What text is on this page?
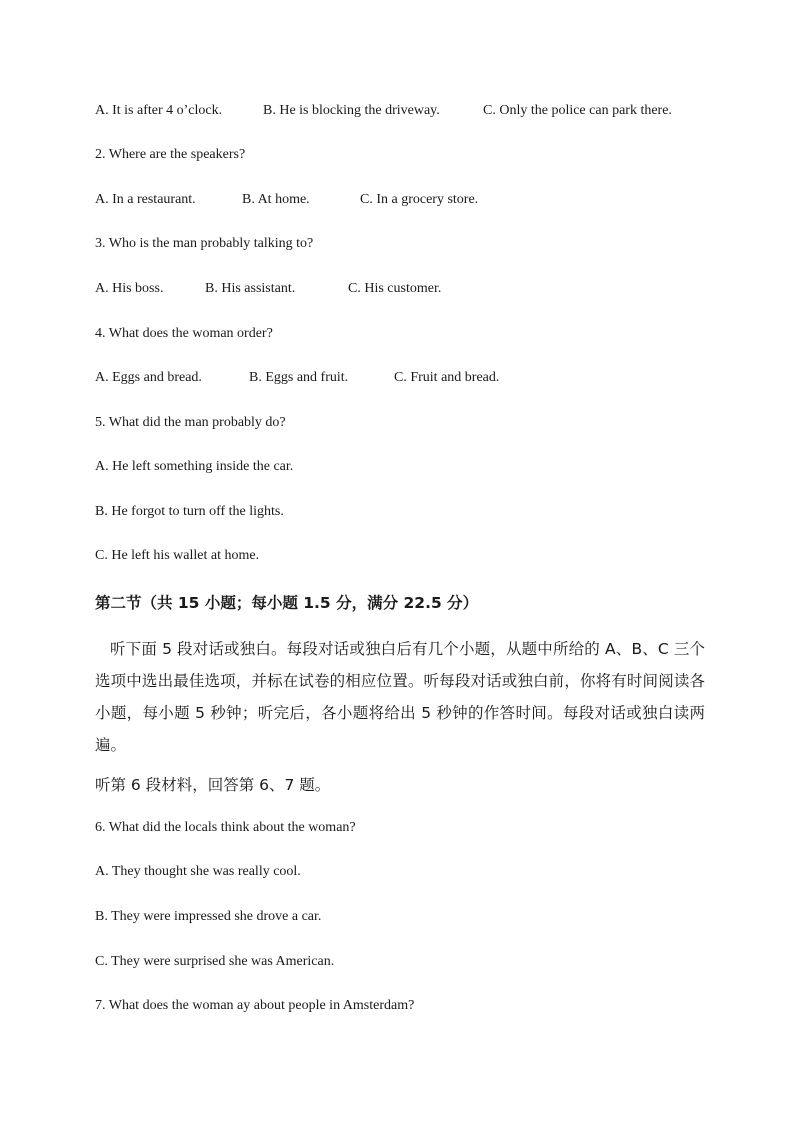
A. It is after 4 o’clock.	B. He is blocking the driveway.	C. Only the police can park there.
2. Where are the speakers?
A. In a restaurant.	B. At home.	C. In a grocery store.
3. Who is the man probably talking to?
A. His boss.	B. His assistant.	C. His customer.
4. What does the woman order?
A. Eggs and bread.	B. Eggs and fruit.	C. Fruit and bread.
5. What did the man probably do?
A. He left something inside the car.
B. He forgot to turn off the lights.
C. He left his wallet at home.
第二节（共 15 小题；每小题 1.5 分，满分 22.5 分）
听下面 5 段对话或独白。每段对话或独白后有几个小题，从题中所给的 A、B、C 三个选项中选出最佳选项，并标在试卷的相应位置。听每段对话或独白前，你将有时间阅读各小题，每小题 5 秒钟；听完后，各小题将给出 5 秒钟的作答时间。每段对话或独白读两遍。
听第 6 段材料，回答第 6、7 题。
6. What did the locals think about the woman?
A. They thought she was really cool.
B. They were impressed she drove a car.
C. They were surprised she was American.
7. What does the woman ay about people in Amsterdam?
